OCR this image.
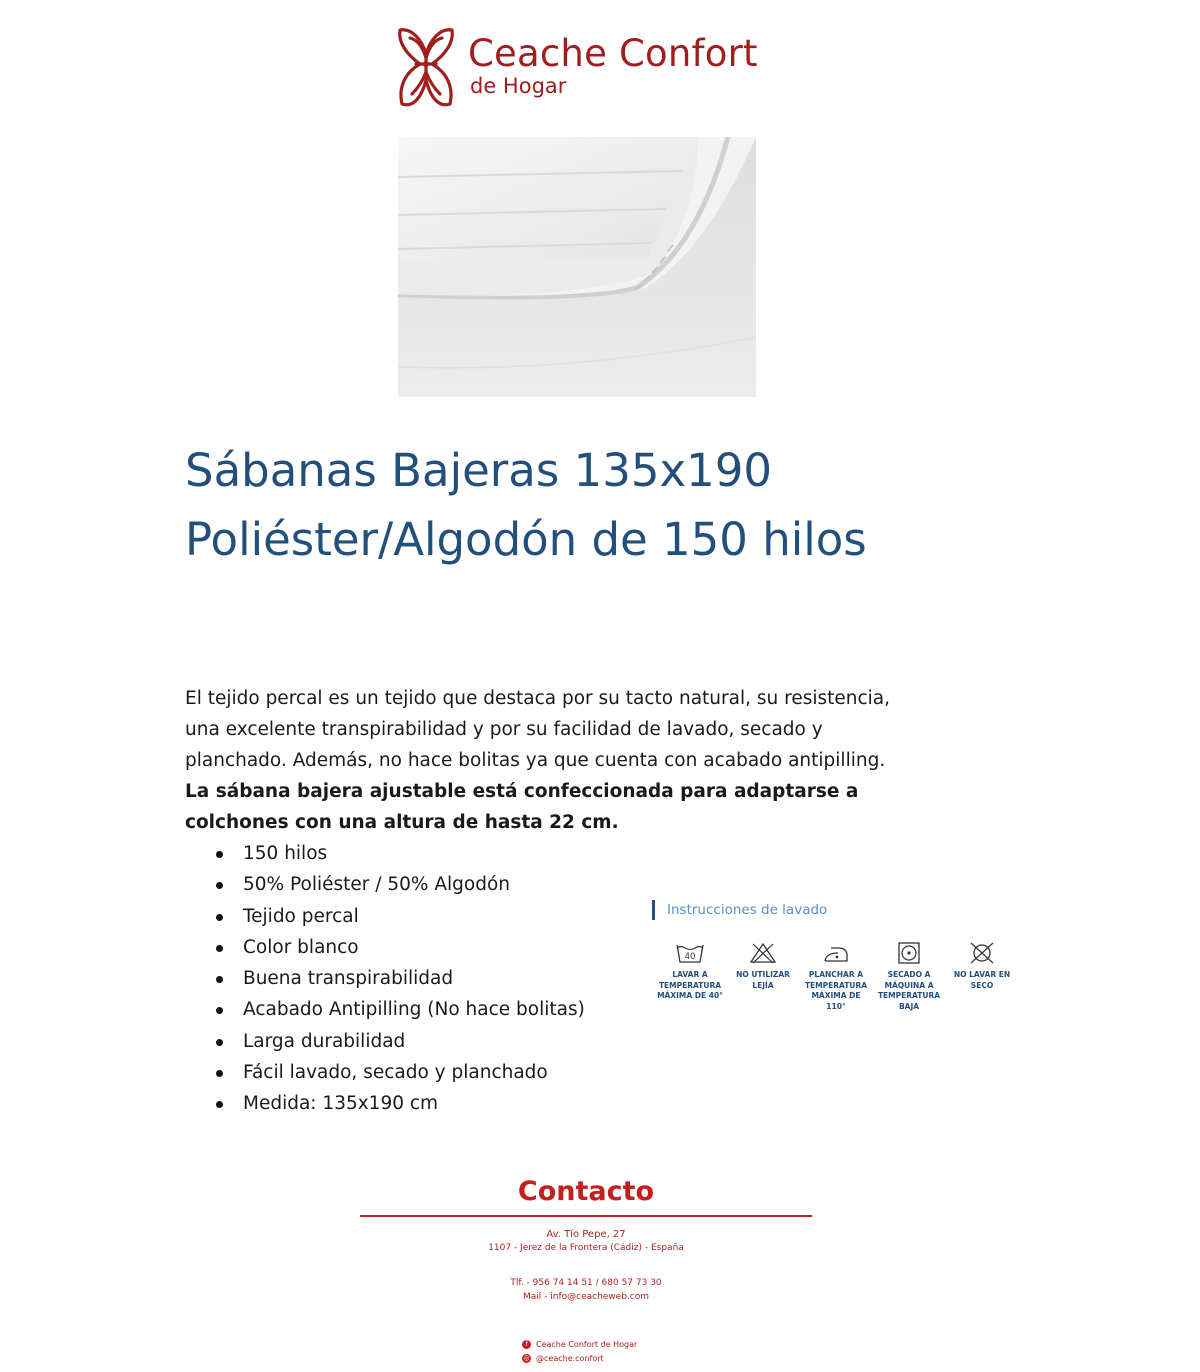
Ceache Confort
de Hogar
Sábanas Bajeras 135x190 Poliéster/Algodón de 150 hilos

El tejido percal es un tejido que destaca por su tacto natural, su resistencia, una excelente transpirabilidad y por su facilidad de lavado, secado y planchado. Además, no hace bolitas ya que cuenta con acabado antipilling.

La sábana bajera ajustable está confeccionada para adaptarse a colchones con una altura de hasta 22 cm.

150 hilos
50% Poliéster / 50% Algodón
Tejido percal
Color blanco
Buena transpirabilidad
Acabado Antipilling (No hace bolitas)
Larga durabilidad
Fácil lavado, secado y planchado
Medida: 135x190 cm
Instrucciones de lavado
40
LAVAR A TEMPERATURA MÁXIMA DE 40°
NO UTILIZAR LEJÍA
PLANCHAR A TEMPERATURA MÁXIMA DE 110°
SECADO A MÁQUINA A TEMPERATURA BAJA
NO LAVAR EN SECO
Contacto
Av. Tío Pepe, 27
1107 - Jerez de la Frontera (Cádiz) - España
Tlf. - 956 74 14 51 / 680 57 73 30
Mail - info@ceacheweb.com
f Ceache Confort de Hogar
◎ @ceache.confort
